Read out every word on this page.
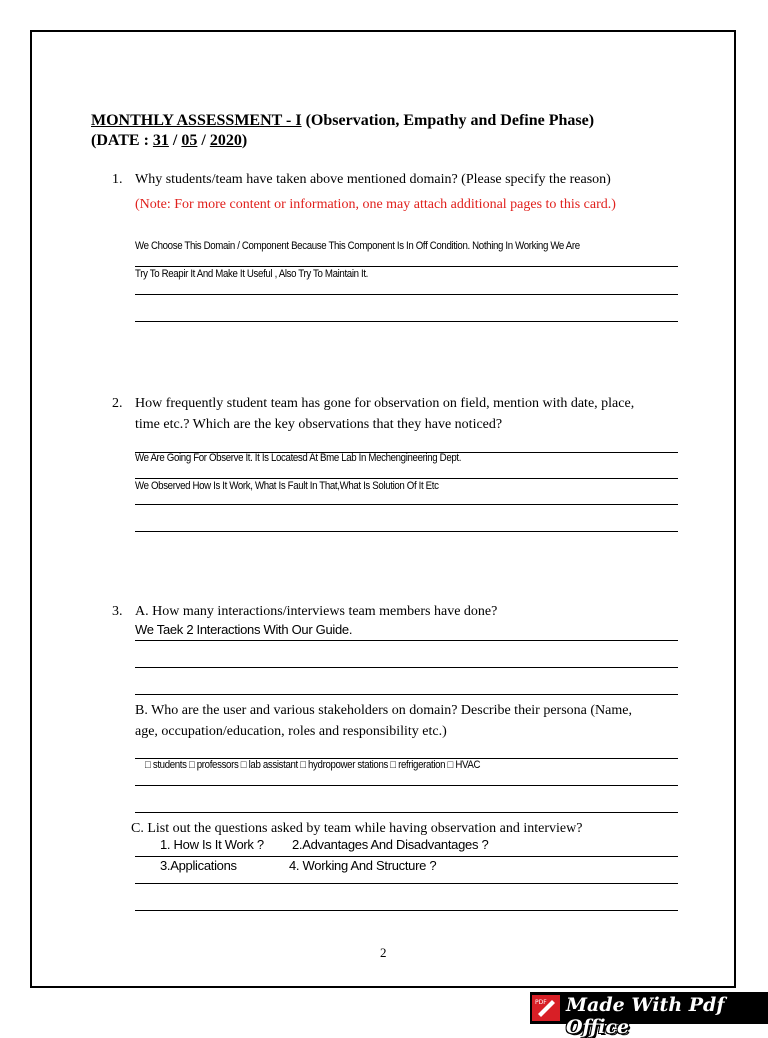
MONTHLY ASSESSMENT - I (Observation, Empathy and Define Phase)
(DATE : 31 / 05 / 2020)
1. Why students/team have taken above mentioned domain? (Please specify the reason)
(Note: For more content or information, one may attach additional pages to this card.)
We Choose This Domain / Component Because This Component Is In Off Condition. Nothing In Working We Are
Try To Reapir It And Make It Useful , Also Try To Maintain It.
2. How frequently student team has gone for observation on field, mention with date, place,
time etc.? Which are the key observations that they have noticed?
We Are Going For Observe It. It Is Locatesd At Bme Lab In Mechengineering Dept.
We Observed How Is It Work, What Is Fault In That,What Is Solution Of It Etc
3. A. How many interactions/interviews team members have done?
We Taek 2 Interactions With Our Guide.
B. Who are the user and various stakeholders on domain? Describe their persona (Name,
age, occupation/education, roles and responsibility etc.)
□ students □ professors □ lab assistant □ hydropower stations □ refrigeration □ HVAC
C. List out the questions asked by team while having observation and interview?
1. How Is It Work ? 2.Advantages And Disadvantages ?
3.Applications	4. Working And Structure ?
2
PDF Made With Pdf Office
